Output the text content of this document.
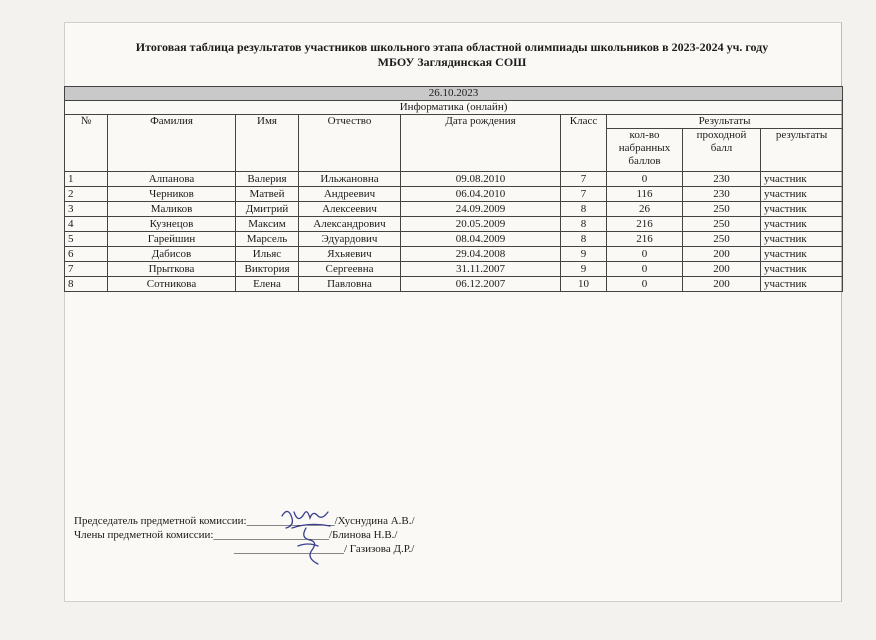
Итоговая таблица результатов участников школьного этапа областной олимпиады школьников в 2023-2024 уч. году
МБОУ Заглядинская СОШ
26.10.2023								
Информатика (онлайн)								
№	Фамилия	Имя	Отчество	Дата рождения	Класс	Результаты		
						кол-во набранных баллов	проходной балл	результаты
1	Алпанова	Валерия	Ильжановна	09.08.2010	7	0	230	участник
2	Черников	Матвей	Андреевич	06.04.2010	7	116	230	участник
3	Маликов	Дмитрий	Алексеевич	24.09.2009	8	26	250	участник
4	Кузнецов	Максим	Александрович	20.05.2009	8	216	250	участник
5	Гарейшин	Марсель	Эдуардович	08.04.2009	8	216	250	участник
6	Дабисов	Ильяс	Яхьяевич	29.04.2008	9	0	200	участник
7	Прыткова	Виктория	Сергеевна	31.11.2007	9	0	200	участник
8	Сотникова	Елена	Павловна	06.12.2007	10	0	200	участник
Председатель предметной комиссии:________________/Хуснудина А.В./
Члены предметной комиссии:_____________________/Блинова Н.В./
____________________/ Газизова Д.Р./
